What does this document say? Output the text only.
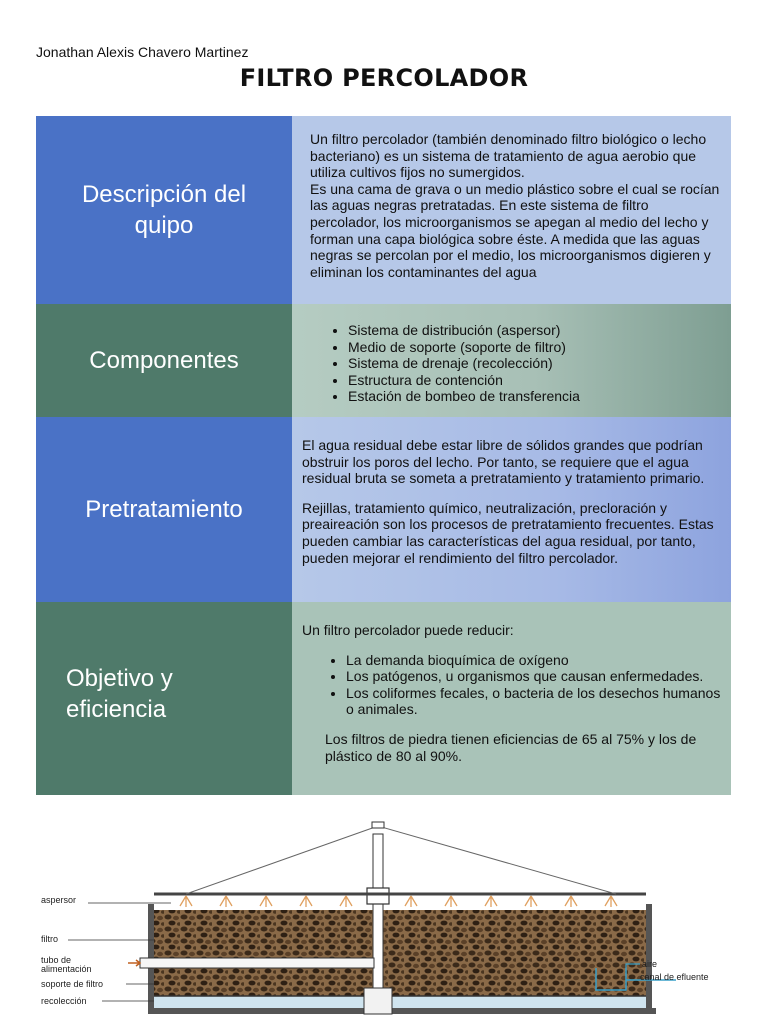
Jonathan Alexis Chavero Martinez
FILTRO PERCOLADOR
Descripción del quipo

Un filtro percolador (también denominado filtro biológico o lecho bacteriano) es un sistema de tratamiento de agua aerobio que utiliza cultivos fijos no sumergidos.

Es una cama de grava o un medio plástico sobre el cual se rocían las aguas negras pretratadas. En este sistema de filtro percolador, los microorganismos se apegan al medio del lecho y forman una capa biológica sobre éste. A medida que las aguas negras se percolan por el medio, los microorganismos digieren y eliminan los contaminantes del agua

Componentes
• Sistema de distribución (aspersor)
• Medio de soporte (soporte de filtro)
• Sistema de drenaje (recolección)
• Estructura de contención
• Estación de bombeo de transferencia
Pretratamiento

El agua residual debe estar libre de sólidos grandes que podrían obstruir los poros del lecho. Por tanto, se requiere que el agua residual bruta se someta a pretratamiento y tratamiento primario.

Rejillas, tratamiento químico, neutralización, precloración y preaireación son los procesos de pretratamiento frecuentes. Estas pueden cambiar las características del agua residual, por tanto, pueden mejorar el rendimiento del filtro percolador.

Objetivo y eficiencia

Un filtro percolador puede reducir:

• La demanda bioquímica de oxígeno
• Los patógenos, u organismos que causan enfermedades.
• Los coliformes fecales, o bacteria de los desechos humanos o animales.

Los filtros de piedra tienen eficiencias de 65 al 75% y los de plástico de 80 al 90%.

aspersor
filtro
tubo de
alimentación
soporte de filtro
recolección
aire
canal de efluente
